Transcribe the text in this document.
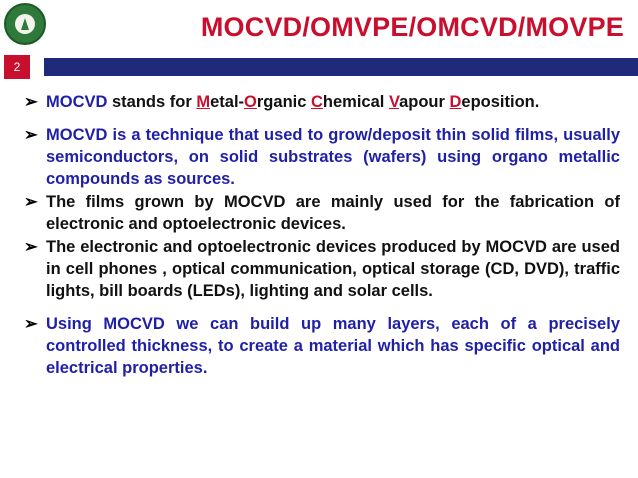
MOCVD/OMVPE/OMCVD/MOVPE
2
➢ MOCVD stands for Metal-Organic Chemical Vapour Deposition.
➢ MOCVD is a technique that used to grow/deposit thin solid films, usually semiconductors, on solid substrates (wafers) using organo metallic compounds as sources.
➢ The films grown by MOCVD are mainly used for the fabrication of electronic and optoelectronic devices.
➢ The electronic and optoelectronic devices produced by MOCVD are used in cell phones , optical communication, optical storage (CD, DVD), traffic lights, bill boards (LEDs), lighting and solar cells.
➢ Using MOCVD we can build up many layers, each of a precisely controlled thickness, to create a material which has specific optical and electrical properties.
